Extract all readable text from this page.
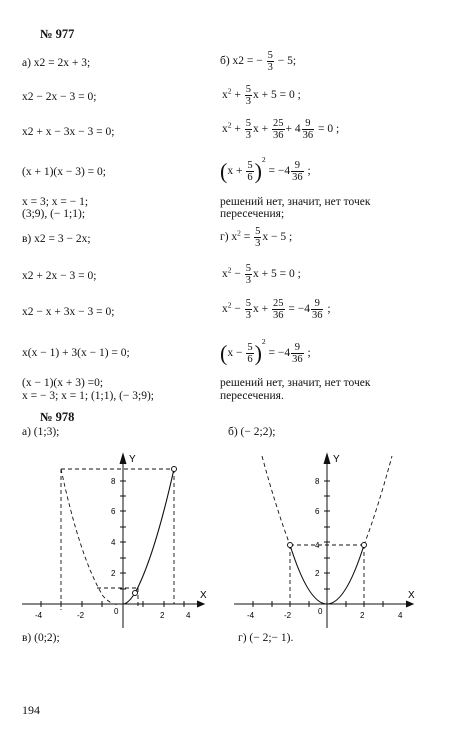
№ 977
а) x2 = 2x + 3;
x2 − 2x − 3 = 0;
x2 + x − 3x − 3 = 0;
(x + 1)(x − 3) = 0;
x = 3; x = − 1;
(3;9), (− 1;1);
в) x2 = 3 − 2x;
x2 + 2x − 3 = 0;
x2 − x + 3x − 3 = 0;
x(x − 1) + 3(x − 1) = 0;
(x − 1)(x + 3) =0;
x = − 3; x = 1; (1;1), (− 3;9);
б) x2 = − $\frac{5}{3} - 5$;
$x^2 + \frac{5}{3}$ x + 5 = 0 ;
$x^2 + \frac{5}{3}$ $x + \frac{25}{36} + 4 \frac{9}{36} = 0$ ;
$(x + \frac{5}{6} )^2 = -4 \frac{9}{36}$ ;
решений нет, значит, нет точек
пересечения;
г) $x^2 = \frac{5}{3}$ x − 5 ;
$x^2 - \frac{5}{3}$ x + 5 = 0 ;
$x^2 - \frac{5}{3}$ $x + \frac{25}{36} = -4 \frac{9}{36}$ ;
$(x - \frac{5}{6} )^2 = -4 \frac{9}{36}$ ;
решений нет, значит, нет точек
пересечения.
№ 978
а) (1;3);	б) (− 2;2);
Y
X
-4	-2	0	2	4
2
4
6
8
Y
X
-4	-2	0	2	4
2
4
6
8
в) (0;2);	г) (− 2;− 1).
194
